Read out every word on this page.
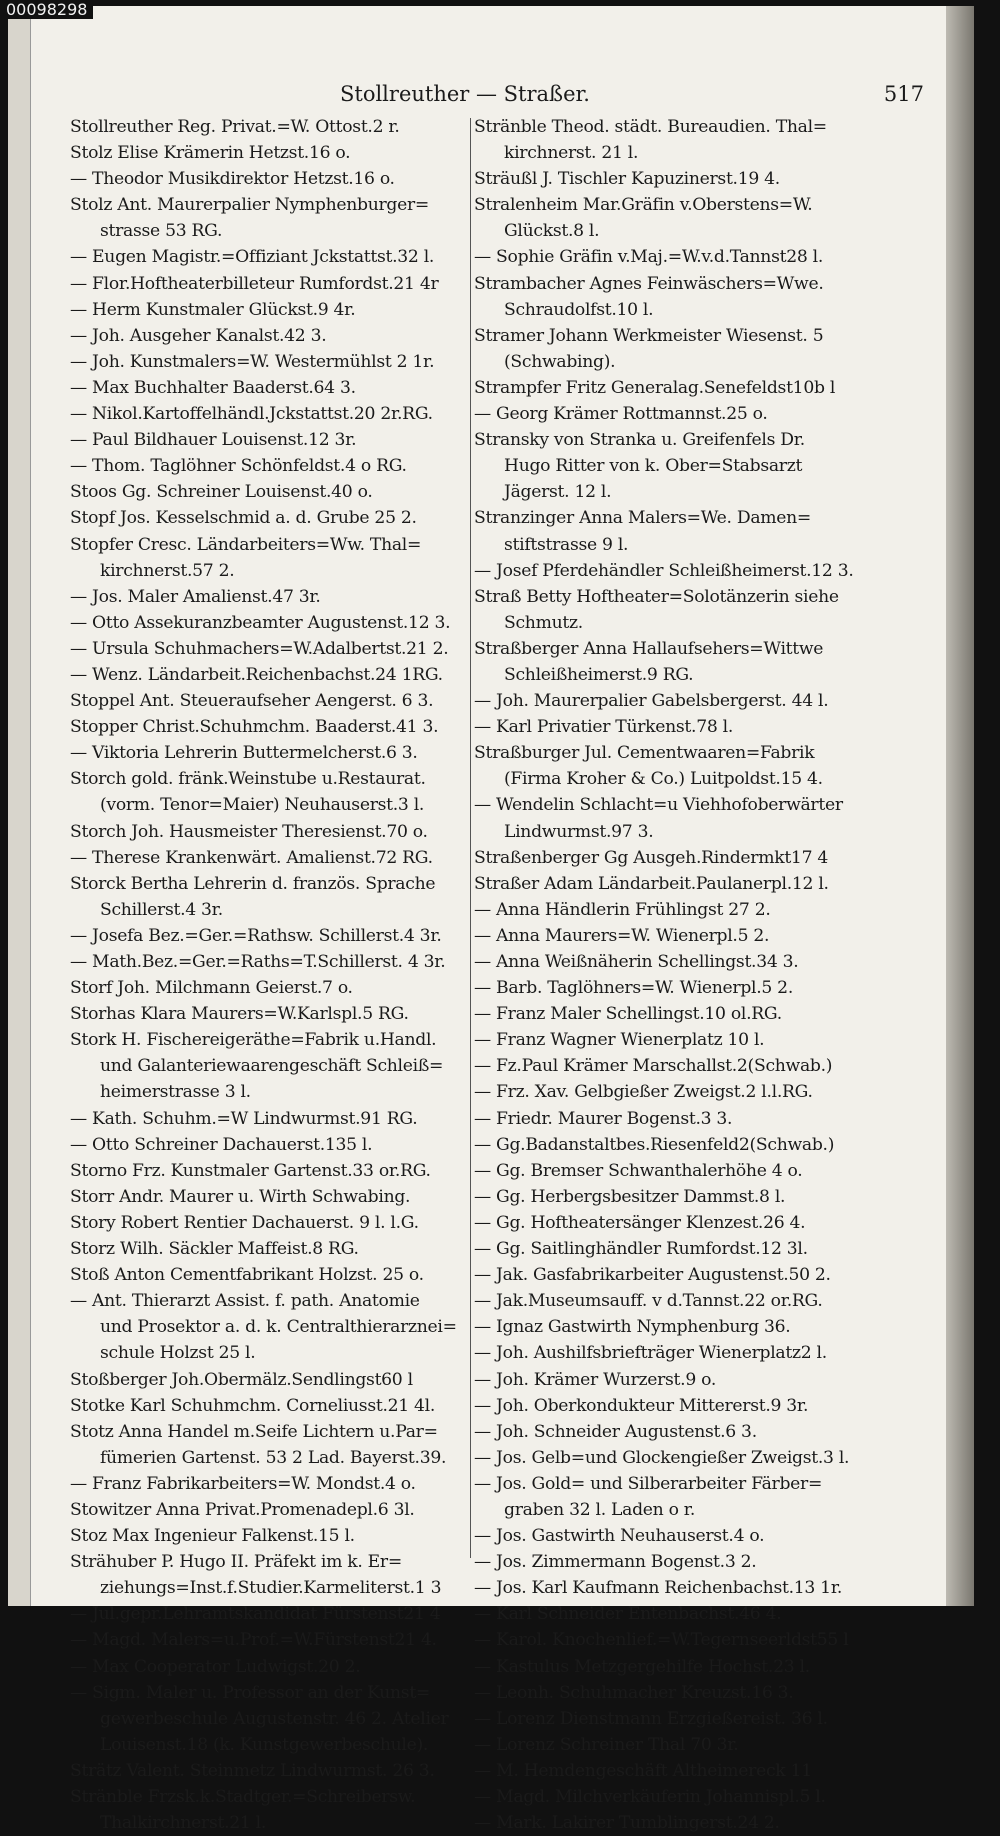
Stollreuther — Straßer.	517
Stollreuther Reg. Privat.=W. Ottost.2 r.
Stolz Elise Krämerin Hetzst.16 o.
— Theodor Musikdirektor Hetzst.16 o.
Stolz Ant. Maurerpalier Nymphenburger=
strasse 53 RG.
— Eugen Magistr.=Offiziant Jckstattst.32 l.
— Flor.Hoftheaterbilleteur Rumfordst.21 4r
— Herm Kunstmaler Glückst.9 4r.
— Joh. Ausgeher Kanalst.42 3.
— Joh. Kunstmalers=W. Westermühlst 2 1r.
— Max Buchhalter Baaderst.64 3.
— Nikol.Kartoffelhändl.Jckstattst.20 2r.RG.
— Paul Bildhauer Louisenst.12 3r.
— Thom. Taglöhner Schönfeldst.4 o RG.
Stoos Gg. Schreiner Louisenst.40 o.
Stopf Jos. Kesselschmid a. d. Grube 25 2.
Stopfer Cresc. Ländarbeiters=Ww. Thal=
kirchnerst.57 2.
— Jos. Maler Amalienst.47 3r.
— Otto Assekuranzbeamter Augustenst.12 3.
— Ursula Schuhmachers=W.Adalbertst.21 2.
— Wenz. Ländarbeit.Reichenbachst.24 1RG.
Stoppel Ant. Steueraufseher Aengerst. 6 3.
Stopper Christ.Schuhmchm. Baaderst.41 3.
— Viktoria Lehrerin Buttermelcherst.6 3.
Storch gold. fränk.Weinstube u.Restaurat.
(vorm. Tenor=Maier) Neuhauserst.3 l.
Storch Joh. Hausmeister Theresienst.70 o.
— Therese Krankenwärt. Amalienst.72 RG.
Storck Bertha Lehrerin d. französ. Sprache
Schillerst.4 3r.
— Josefa Bez.=Ger.=Rathsw. Schillerst.4 3r.
— Math.Bez.=Ger.=Raths=T.Schillerst. 4 3r.
Storf Joh. Milchmann Geierst.7 o.
Storhas Klara Maurers=W.Karlspl.5 RG.
Stork H. Fischereigeräthe=Fabrik u.Handl.
und Galanteriewaarengeschäft Schleiß=
heimerstrasse 3 l.
— Kath. Schuhm.=W Lindwurmst.91 RG.
— Otto Schreiner Dachauerst.135 l.
Storno Frz. Kunstmaler Gartenst.33 or.RG.
Storr Andr. Maurer u. Wirth Schwabing.
Story Robert Rentier Dachauerst. 9 l. l.G.
Storz Wilh. Säckler Maffeist.8 RG.
Stoß Anton Cementfabrikant Holzst. 25 o.
— Ant. Thierarzt Assist. f. path. Anatomie
und Prosektor a. d. k. Centralthierarznei=
schule Holzst 25 l.
Stoßberger Joh.Obermälz.Sendlingst60 l
Stotke Karl Schuhmchm. Corneliusst.21 4l.
Stotz Anna Handel m.Seife Lichtern u.Par=
fümerien Gartenst. 53 2 Lad. Bayerst.39.
— Franz Fabrikarbeiters=W. Mondst.4 o.
Stowitzer Anna Privat.Promenadepl.6 3l.
Stoz Max Ingenieur Falkenst.15 l.
Strähuber P. Hugo II. Präfekt im k. Er=
ziehungs=Inst.f.Studier.Karmeliterst.1 3
— Jul.gepr.Lehramtskandidat Fürstenst21 4
— Magd. Malers=u.Prof.=W.Fürstenst21 4.
— Max Cooperator Ludwigst.20 2.
— Sigm. Maler u. Professor an der Kunst=
gewerbeschule Augustenstr. 46 2. Atelier
Louisenst.18 (k. Kunstgewerbeschule).
Strätz Valent. Steinmetz Lindwurmst. 26 3.
Stränble Frzsk.k.Stadtger.=Schreibersw.
Thalkirchnerst.21 l.
Stränble Theod. städt. Bureaudien. Thal=
kirchnerst. 21 l.
Sträußl J. Tischler Kapuzinerst.19 4.
Stralenheim Mar.Gräfin v.Oberstens=W.
Glückst.8 l.
— Sophie Gräfin v.Maj.=W.v.d.Tannst28 l.
Strambacher Agnes Feinwäschers=Wwe.
Schraudolfst.10 l.
Stramer Johann Werkmeister Wiesenst. 5
(Schwabing).
Strampfer Fritz Generalag.Senefeldst10b l
— Georg Krämer Rottmannst.25 o.
Stransky von Stranka u. Greifenfels Dr.
Hugo Ritter von k. Ober=Stabsarzt
Jägerst. 12 l.
Stranzinger Anna Malers=We. Damen=
stiftstrasse 9 l.
— Josef Pferdehändler Schleißheimerst.12 3.
Straß Betty Hoftheater=Solotänzerin siehe
Schmutz.
Straßberger Anna Hallaufsehers=Wittwe
Schleißheimerst.9 RG.
— Joh. Maurerpalier Gabelsbergerst. 44 l.
— Karl Privatier Türkenst.78 l.
Straßburger Jul. Cementwaaren=Fabrik
(Firma Kroher & Co.) Luitpoldst.15 4.
— Wendelin Schlacht=u Viehhofoberwärter
Lindwurmst.97 3.
Straßenberger Gg Ausgeh.Rindermkt17 4
Straßer Adam Ländarbeit.Paulanerpl.12 l.
— Anna Händlerin Frühlingst 27 2.
— Anna Maurers=W. Wienerpl.5 2.
— Anna Weißnäherin Schellingst.34 3.
— Barb. Taglöhners=W. Wienerpl.5 2.
— Franz Maler Schellingst.10 ol.RG.
— Franz Wagner Wienerplatz 10 l.
— Fz.Paul Krämer Marschallst.2(Schwab.)
— Frz. Xav. Gelbgießer Zweigst.2 l.l.RG.
— Friedr. Maurer Bogenst.3 3.
— Gg.Badanstaltbes.Riesenfeld2(Schwab.)
— Gg. Bremser Schwanthalerhöhe 4 o.
— Gg. Herbergsbesitzer Dammst.8 l.
— Gg. Hoftheatersänger Klenzest.26 4.
— Gg. Saitlinghändler Rumfordst.12 3l.
— Jak. Gasfabrikarbeiter Augustenst.50 2.
— Jak.Museumsauff. v d.Tannst.22 or.RG.
— Ignaz Gastwirth Nymphenburg 36.
— Joh. Aushilfsbriefträger Wienerplatz2 l.
— Joh. Krämer Wurzerst.9 o.
— Joh. Oberkondukteur Mittererst.9 3r.
— Joh. Schneider Augustenst.6 3.
— Jos. Gelb=und Glockengießer Zweigst.3 l.
— Jos. Gold= und Silberarbeiter Färber=
graben 32 l. Laden o r.
— Jos. Gastwirth Neuhauserst.4 o.
— Jos. Zimmermann Bogenst.3 2.
— Jos. Karl Kaufmann Reichenbachst.13 1r.
— Karl Schneider Entenbachst.46 4.
— Karol. Knochenlief.=W.Tegernseerldst55 l
— Kastulus Metzgergehilfe Hochst.23 l.
— Leonh. Schuhmacher Kreuzst.16 3.
— Lorenz Dienstmann Erzgießereist. 36 l.
— Lorenz Schreiner Thal 70 3r.
— M. Hemdengeschäft Altheimereck 11
— Magd. Milchverkäuferin Johannispl.5 l.
— Mark. Lakirer Tumblingerst.24 2.
00098298
